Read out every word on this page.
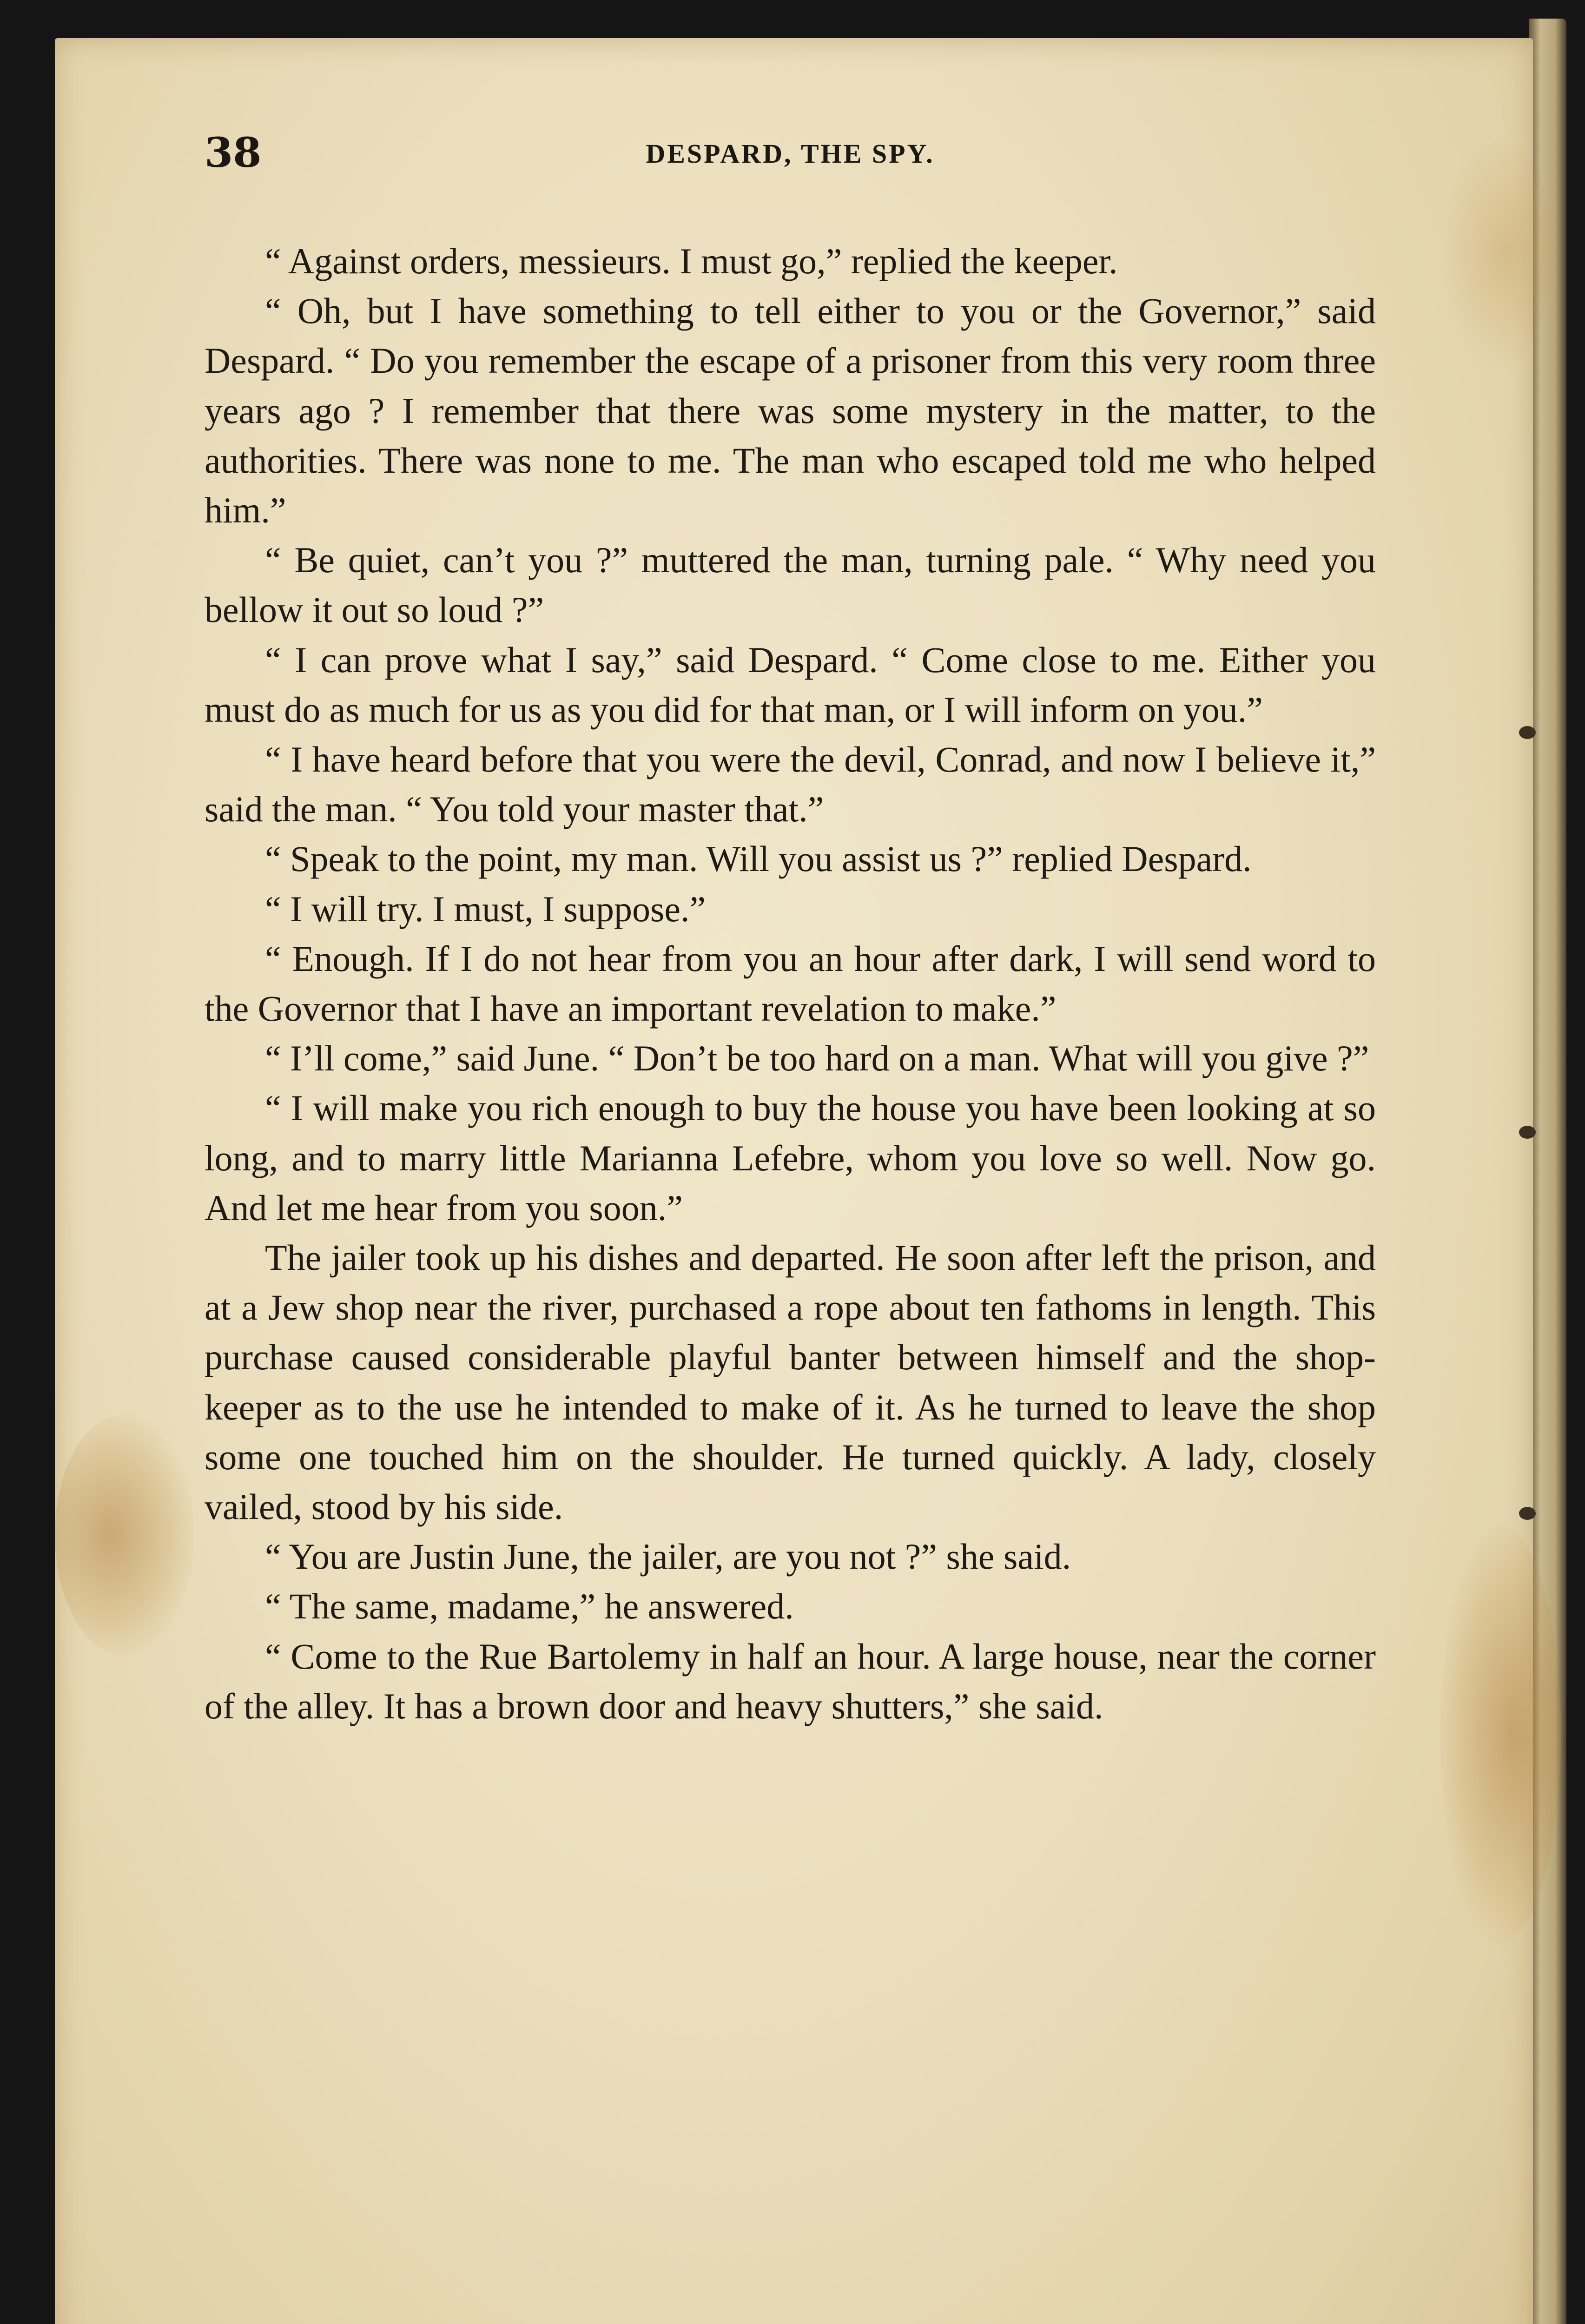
38	DESPARD, THE SPY.

“ Against orders, messieurs. I must go,” replied the keeper.

“ Oh, but I have something to tell either to you or the Governor,” said Despard. “ Do you remember the escape of a prisoner from this very room three years ago ? I remember that there was some mystery in the matter, to the authorities. There was none to me. The man who escaped told me who helped him.”

“ Be quiet, can’t you ?” muttered the man, turning pale. “ Why need you bellow it out so loud ?”

“ I can prove what I say,” said Despard. “ Come close to me. Either you must do as much for us as you did for that man, or I will inform on you.”

“ I have heard before that you were the devil, Conrad, and now I believe it,” said the man. “ You told your master that.”

“ Speak to the point, my man. Will you assist us ?” replied Despard.

“ I will try. I must, I suppose.”

“ Enough. If I do not hear from you an hour after dark, I will send word to the Governor that I have an important revelation to make.”

“ I’ll come,” said June. “ Don’t be too hard on a man. What will you give ?”

“ I will make you rich enough to buy the house you have been looking at so long, and to marry little Marianna Lefebre, whom you love so well. Now go. And let me hear from you soon.”

The jailer took up his dishes and departed. He soon after left the prison, and at a Jew shop near the river, purchased a rope about ten fathoms in length. This purchase caused considerable playful banter between himself and the shop-keeper as to the use he intended to make of it. As he turned to leave the shop some one touched him on the shoulder. He turned quickly. A lady, closely vailed, stood by his side.

“ You are Justin June, the jailer, are you not ?” she said.

“ The same, madame,” he answered.

“ Come to the Rue Bartolemy in half an hour. A large house, near the corner of the alley. It has a brown door and heavy shutters,” she said.
